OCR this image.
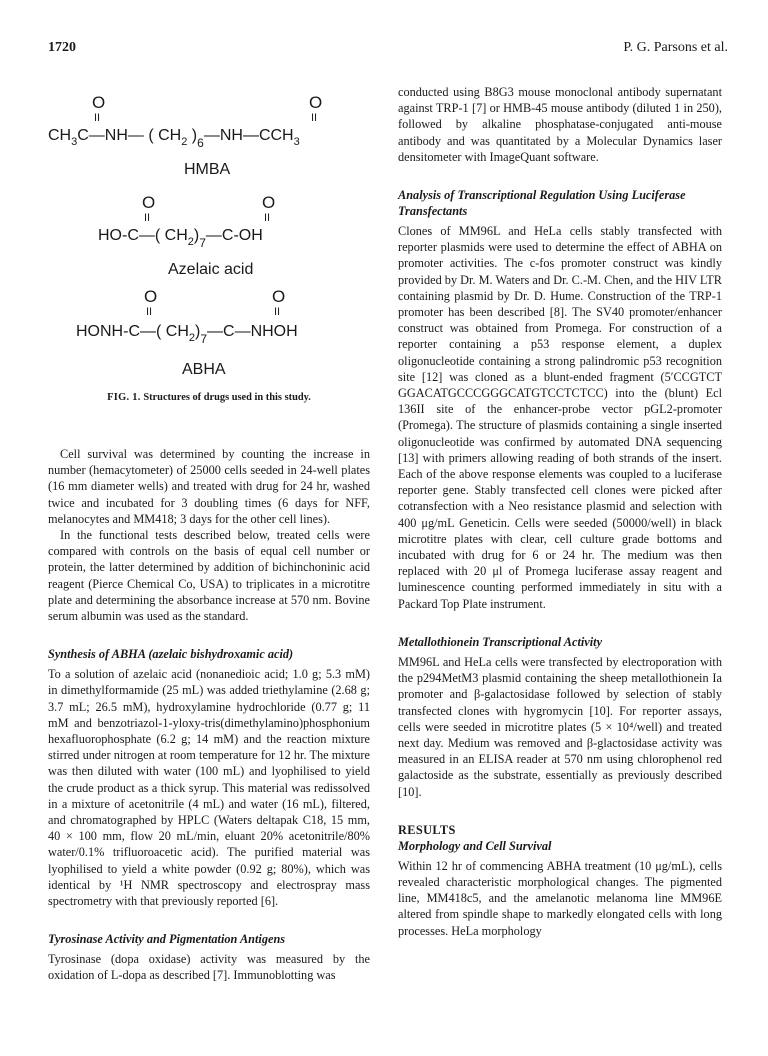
1720	P. G. Parsons et al.
O
II
O
II
$CH_3C—NH—$ ( $CH_2$ )$_6—NH—CCH_3$
HMBA
O
II
O
II
HO-C—( $CH_2)_7—C-OH$
Azelaic acid
O
II
O
II
HONH-C—( $CH_2)_7—C—NHOH$
ABHA
FIG. 1. Structures of drugs used in this study.

Cell survival was determined by counting the increase in number (hemacytometer) of 25000 cells seeded in 24-well plates (16 mm diameter wells) and treated with drug for 24 hr, washed twice and incubated for 3 doubling times (6 days for NFF, melanocytes and MM418; 3 days for the other cell lines).

In the functional tests described below, treated cells were compared with controls on the basis of equal cell number or protein, the latter determined by addition of bichinchoninic acid reagent (Pierce Chemical Co, USA) to triplicates in a microtitre plate and determining the absorbance increase at 570 nm. Bovine serum albumin was used as the standard.

Synthesis of ABHA (azelaic bishydroxamic acid)

To a solution of azelaic acid (nonanedioic acid; 1.0 g; 5.3 mM) in dimethylformamide (25 mL) was added triethylamine (2.68 g; 3.7 mL; 26.5 mM), hydroxylamine hydrochloride (0.77 g; 11 mM and benzotriazol-1-yloxy-tris(dimethylamino)phosphonium hexafluorophosphate (6.2 g; 14 mM) and the reaction mixture stirred under nitrogen at room temperature for 12 hr. The mixture was then diluted with water (100 mL) and lyophilised to yield the crude product as a thick syrup. This material was redissolved in a mixture of acetonitrile (4 mL) and water (16 mL), filtered, and chromatographed by HPLC (Waters deltapak C18, 15 mm, 40 × 100 mm, flow 20 mL/min, eluant 20% acetonitrile/80% water/0.1% trifluoroacetic acid). The purified material was lyophilised to yield a white powder (0.92 g; 80%), which was identical by ¹H NMR spectroscopy and electrospray mass spectrometry with that previously reported [6].

Tyrosinase Activity and Pigmentation Antigens

Tyrosinase (dopa oxidase) activity was measured by the oxidation of L-dopa as described [7]. Immunoblotting was

conducted using B8G3 mouse monoclonal antibody supernatant against TRP-1 [7] or HMB-45 mouse antibody (diluted 1 in 250), followed by alkaline phosphatase-conjugated anti-mouse antibody and was quantitated by a Molecular Dynamics laser densitometer with ImageQuant software.

Analysis of Transcriptional Regulation Using Luciferase Transfectants

Clones of MM96L and HeLa cells stably transfected with reporter plasmids were used to determine the effect of ABHA on promoter activities. The c-fos promoter construct was kindly provided by Dr. M. Waters and Dr. C.-M. Chen, and the HIV LTR containing plasmid by Dr. D. Hume. Construction of the TRP-1 promoter has been described [8]. The SV40 promoter/enhancer construct was obtained from Promega. For construction of a reporter containing a p53 response element, a duplex oligonucleotide containing a strong palindromic p53 recognition site [12] was cloned as a blunt-ended fragment (5′CCGTCT GGACATGCCCGGGCATGTCCTCTCC) into the (blunt) Ecl 136II site of the enhancer-probe vector pGL2-promoter (Promega). The structure of plasmids containing a single inserted oligonucleotide was confirmed by automated DNA sequencing [13] with primers allowing reading of both strands of the insert. Each of the above response elements was coupled to a luciferase reporter gene. Stably transfected cell clones were picked after cotransfection with a Neo resistance plasmid and selection with 400 μg/mL Geneticin. Cells were seeded (50000/well) in black microtitre plates with clear, cell culture grade bottoms and incubated with drug for 6 or 24 hr. The medium was then replaced with 20 μl of Promega luciferase assay reagent and luminescence counting performed immediately in situ with a Packard Top Plate instrument.

Metallothionein Transcriptional Activity

MM96L and HeLa cells were transfected by electroporation with the p294MetM3 plasmid containing the sheep metallothionein Ia promoter and β-galactosidase followed by selection of stably transfected clones with hygromycin [10]. For reporter assays, cells were seeded in microtitre plates (5 × 10⁴/well) and treated next day. Medium was removed and β-glactosidase activity was measured in an ELISA reader at 570 nm using chlorophenol red galactoside as the substrate, essentially as previously described [10].

RESULTS
Morphology and Cell Survival

Within 12 hr of commencing ABHA treatment (10 μg/mL), cells revealed characteristic morphological changes. The pigmented line, MM418c5, and the amelanotic melanoma line MM96E altered from spindle shape to markedly elongated cells with long processes. HeLa morphology
